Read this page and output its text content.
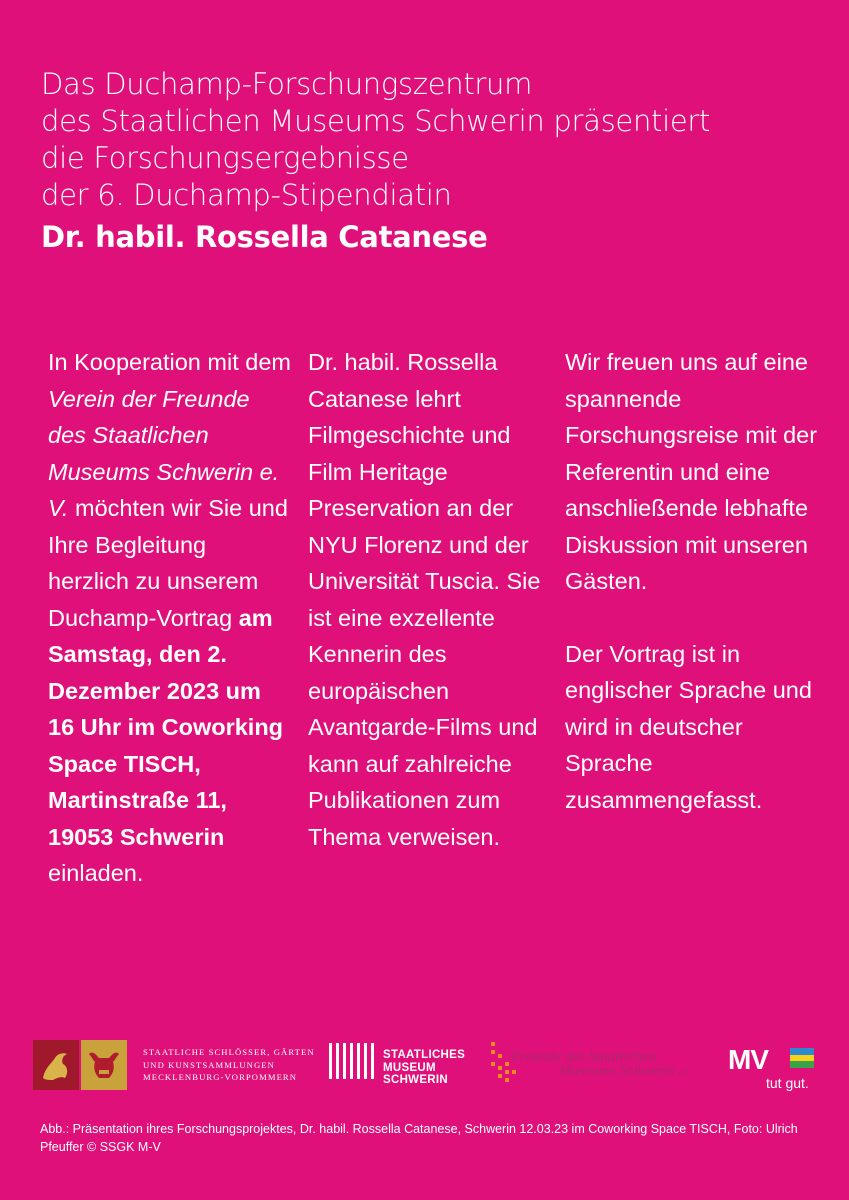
Das Duchamp-Forschungszentrum
des Staatlichen Museums Schwerin präsentiert
die Forschungsergebnisse
der 6. Duchamp-Stipendiatin
Dr. habil. Rossella Catanese
In Kooperation mit dem Verein der Freunde des Staatlichen Museums Schwerin e. V. möchten wir Sie und Ihre Begleitung herzlich zu unserem Duchamp-Vortrag am Samstag, den 2. Dezember 2023 um 16 Uhr im Coworking Space TISCH, Martinstraße 11, 19053 Schwerin einladen.
Dr. habil. Rossella Catanese lehrt Filmgeschichte und Film Heritage Preservation an der NYU Florenz und der Universität Tuscia. Sie ist eine exzellente Kennerin des europäischen Avantgarde-Films und kann auf zahlreiche Publikationen zum Thema verweisen.
Wir freuen uns auf eine spannende Forschungsreise mit der Referentin und eine anschließende lebhafte Diskussion mit unseren Gästen.
Der Vortrag ist in englischer Sprache und wird in deutscher Sprache zusammengefasst.
STAATLICHE SCHLÖSSER, GÄRTEN
UND KUNSTSAMMLUNGEN
MECKLENBURG-VORPOMMERN
STAATLICHES
MUSEUM
SCHWERIN
Freunde des Staatlichen
Museums Schwerin e.V. MV
tut gut.
Abb.: Präsentation ihres Forschungsprojektes, Dr. habil. Rossella Catanese, Schwerin 12.03.23 im Coworking Space TISCH, Foto: Ulrich Pfeuffer © SSGK M-V
